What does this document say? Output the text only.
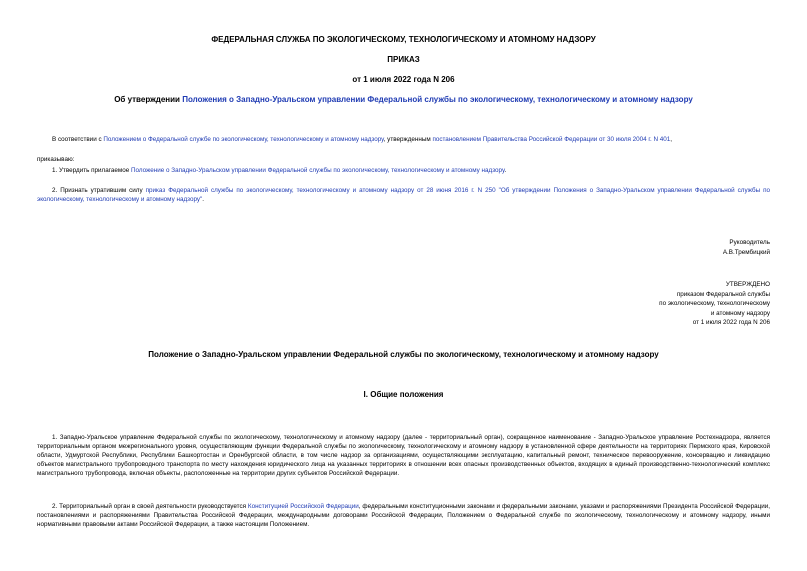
ФЕДЕРАЛЬНАЯ СЛУЖБА ПО ЭКОЛОГИЧЕСКОМУ, ТЕХНОЛОГИЧЕСКОМУ И АТОМНОМУ НАДЗОРУ
ПРИКАЗ
от 1 июля 2022 года N 206
Об утверждении Положения о Западно-Уральском управлении Федеральной службы по экологическому, технологическому и атомному надзору
В соответствии с Положением о Федеральной службе по экологическому, технологическому и атомному надзору, утвержденным постановлением Правительства Российской Федерации от 30 июля 2004 г. N 401,
приказываю:
1. Утвердить прилагаемое Положение о Западно-Уральском управлении Федеральной службы по экологическому, технологическому и атомному надзору.
2. Признать утратившим силу приказ Федеральной службы по экологическому, технологическому и атомному надзору от 28 июня 2016 г. N 250 "Об утверждении Положения о Западно-Уральском управлении Федеральной службы по экологическому, технологическому и атомному надзору".
Руководитель
А.В.Трембицкий
УТВЕРЖДЕНО
приказом Федеральной службы
по экологическому, технологическому
и атомному надзору
от 1 июля 2022 года N 206
Положение о Западно-Уральском управлении Федеральной службы по экологическому, технологическому и атомному надзору
I. Общие положения
1. Западно-Уральское управление Федеральной службы по экологическому, технологическому и атомному надзору (далее - территориальный орган), сокращенное наименование - Западно-Уральское управление Ростехнадзора, является территориальным органом межрегионального уровня, осуществляющим функции Федеральной службы по экологическому, технологическому и атомному надзору в установленной сфере деятельности на территориях Пермского края, Кировской области, Удмуртской Республики, Республики Башкортостан и Оренбургской области, в том числе надзор за организациями, осуществляющими эксплуатацию, капитальный ремонт, техническое перевооружение, консервацию и ликвидацию объектов магистрального трубопроводного транспорта по месту нахождения юридического лица на указанных территориях в отношении всех опасных производственных объектов, входящих в единый производственно-технологический комплекс магистрального трубопровода, включая объекты, расположенные на территории других субъектов Российской Федерации.
2. Территориальный орган в своей деятельности руководствуется Конституцией Российской Федерации, федеральными конституционными законами и федеральными законами, указами и распоряжениями Президента Российской Федерации, постановлениями и распоряжениями Правительства Российской Федерации, международными договорами Российской Федерации, Положением о Федеральной службе по экологическому, технологическому и атомному надзору, иными нормативными правовыми актами Российской Федерации, а также настоящим Положением.
